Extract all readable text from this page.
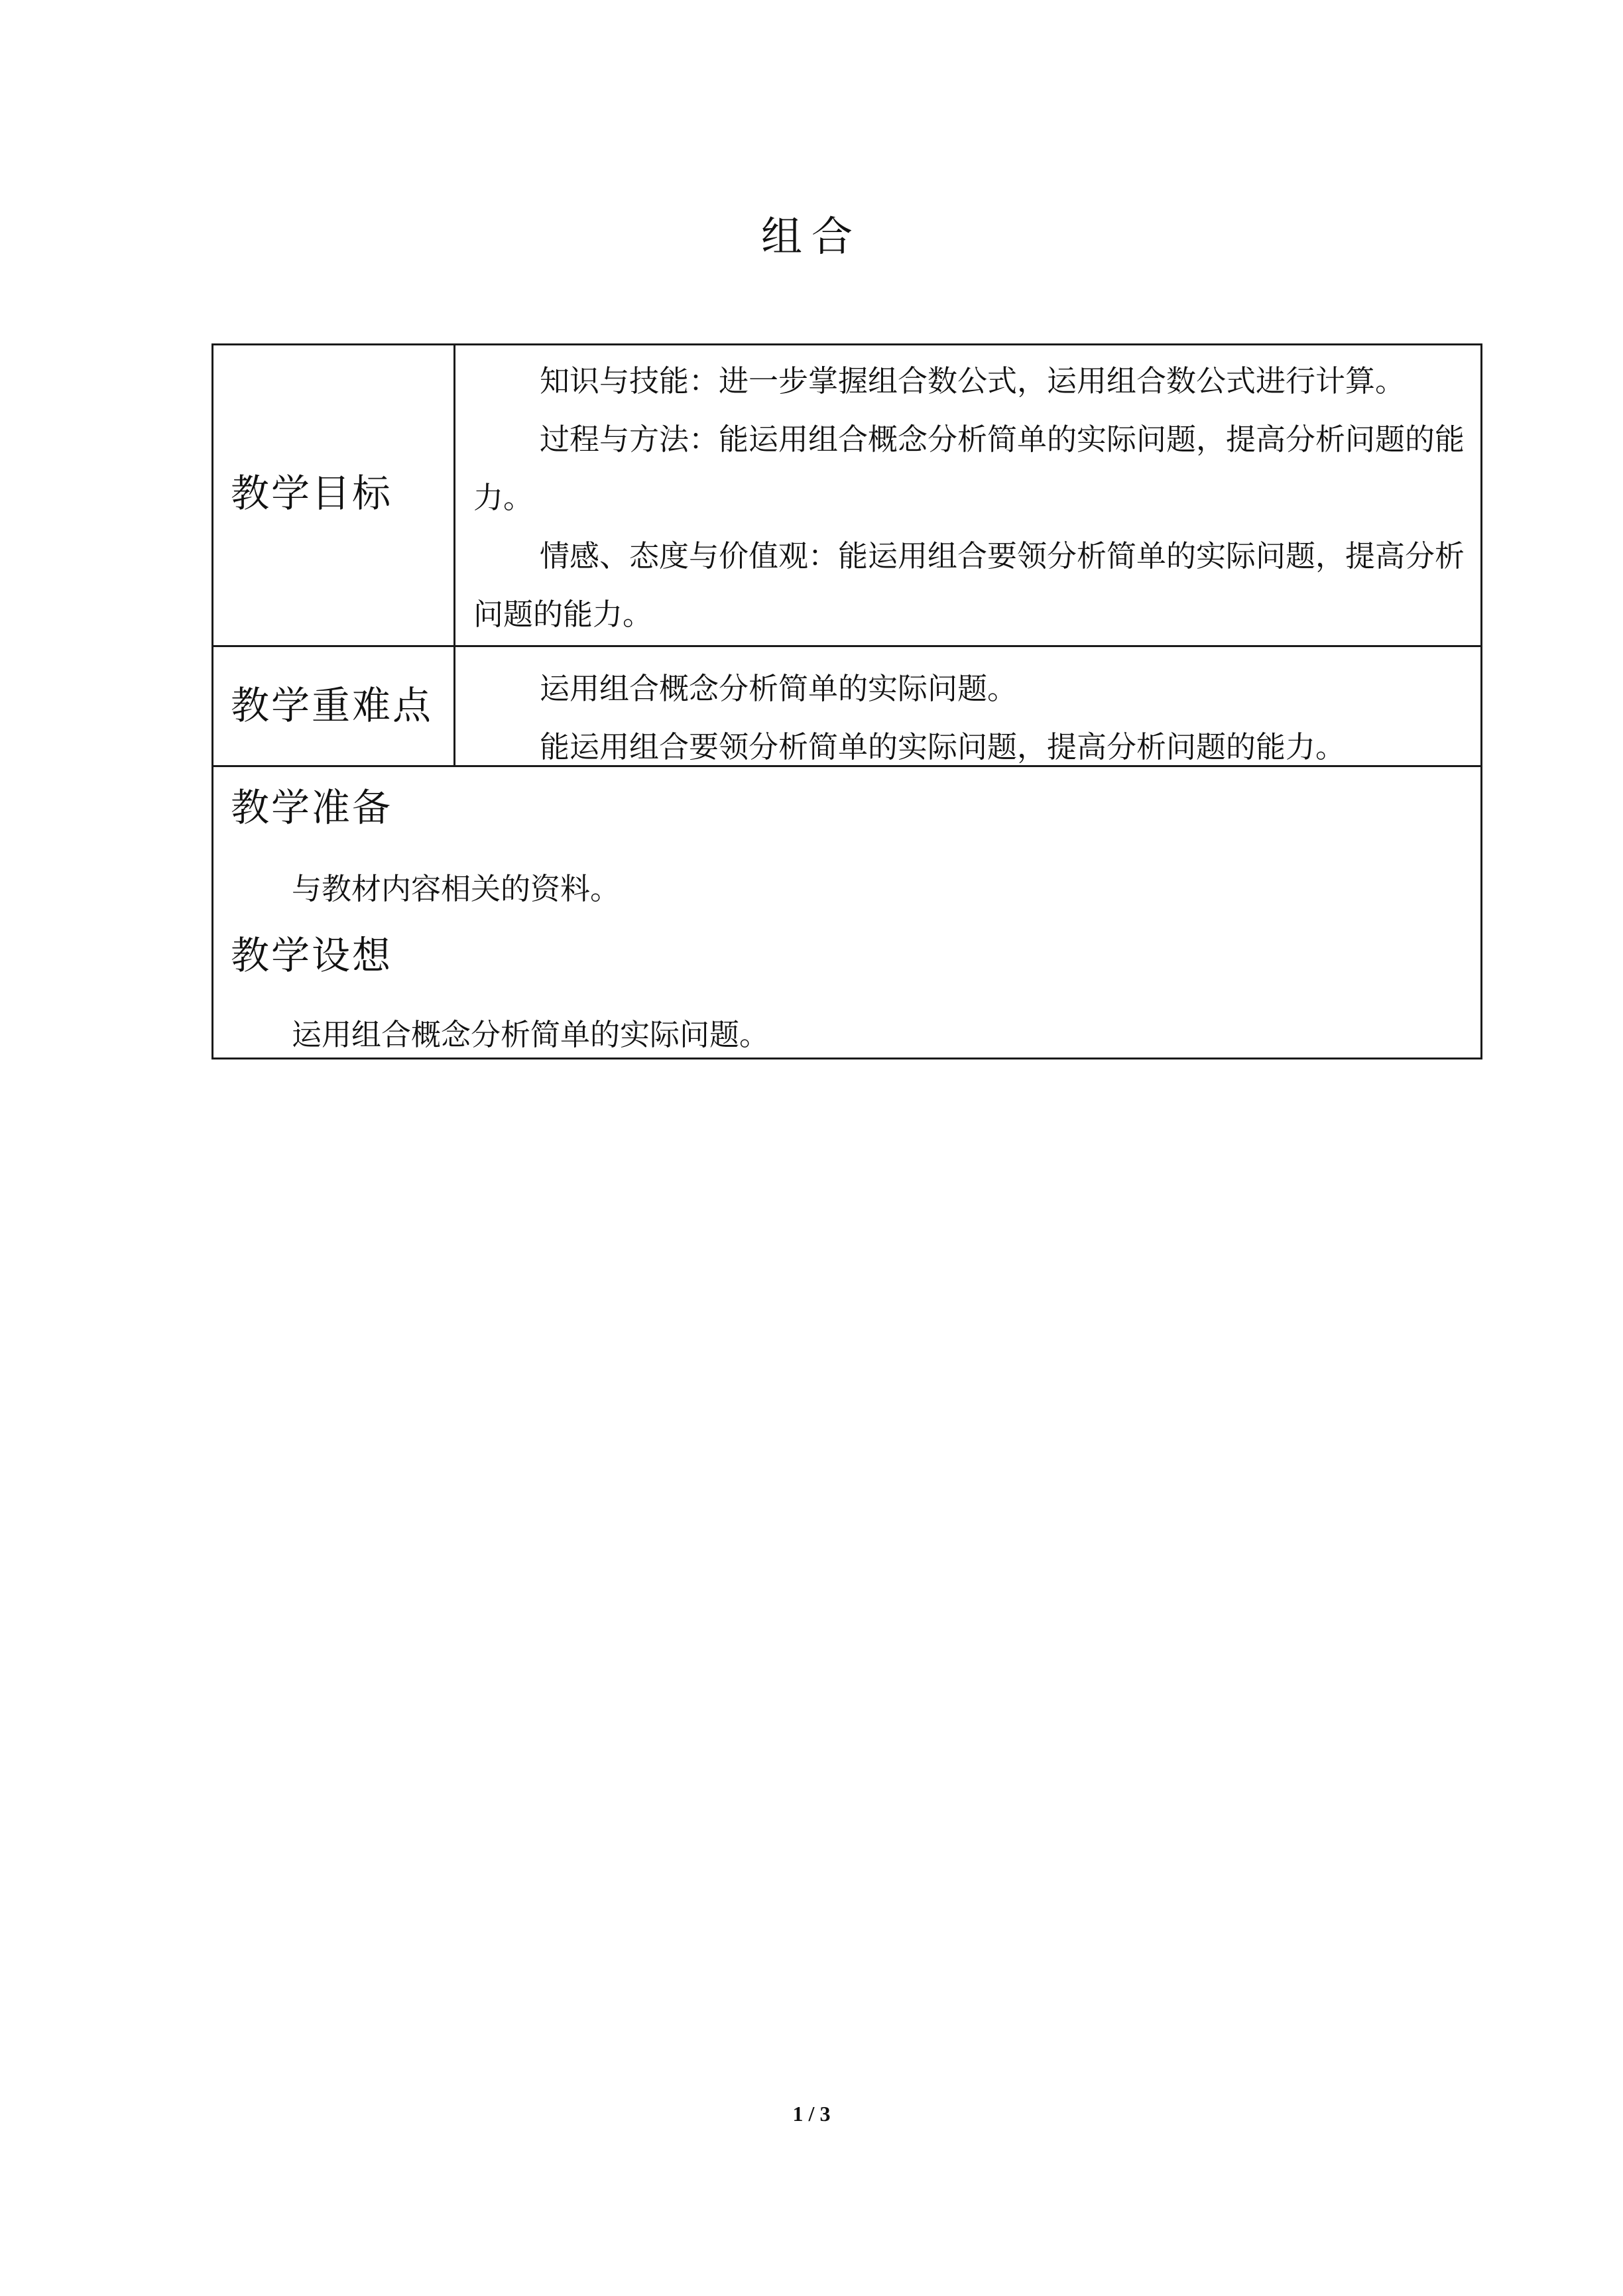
组合
教学目标

知识与技能：进一步掌握组合数公式，运用组合数公式进行计算。

过程与方法：能运用组合概念分析简单的实际问题，提高分析问题的能力。

情感、态度与价值观：能运用组合要领分析简单的实际问题，提高分析问题的能力。

教学重难点	运用组合概念分析简单的实际问题。

能运用组合要领分析简单的实际问题，提高分析问题的能力。

教学准备

与教材内容相关的资料。

教学设想

运用组合概念分析简单的实际问题。

1 / 3
